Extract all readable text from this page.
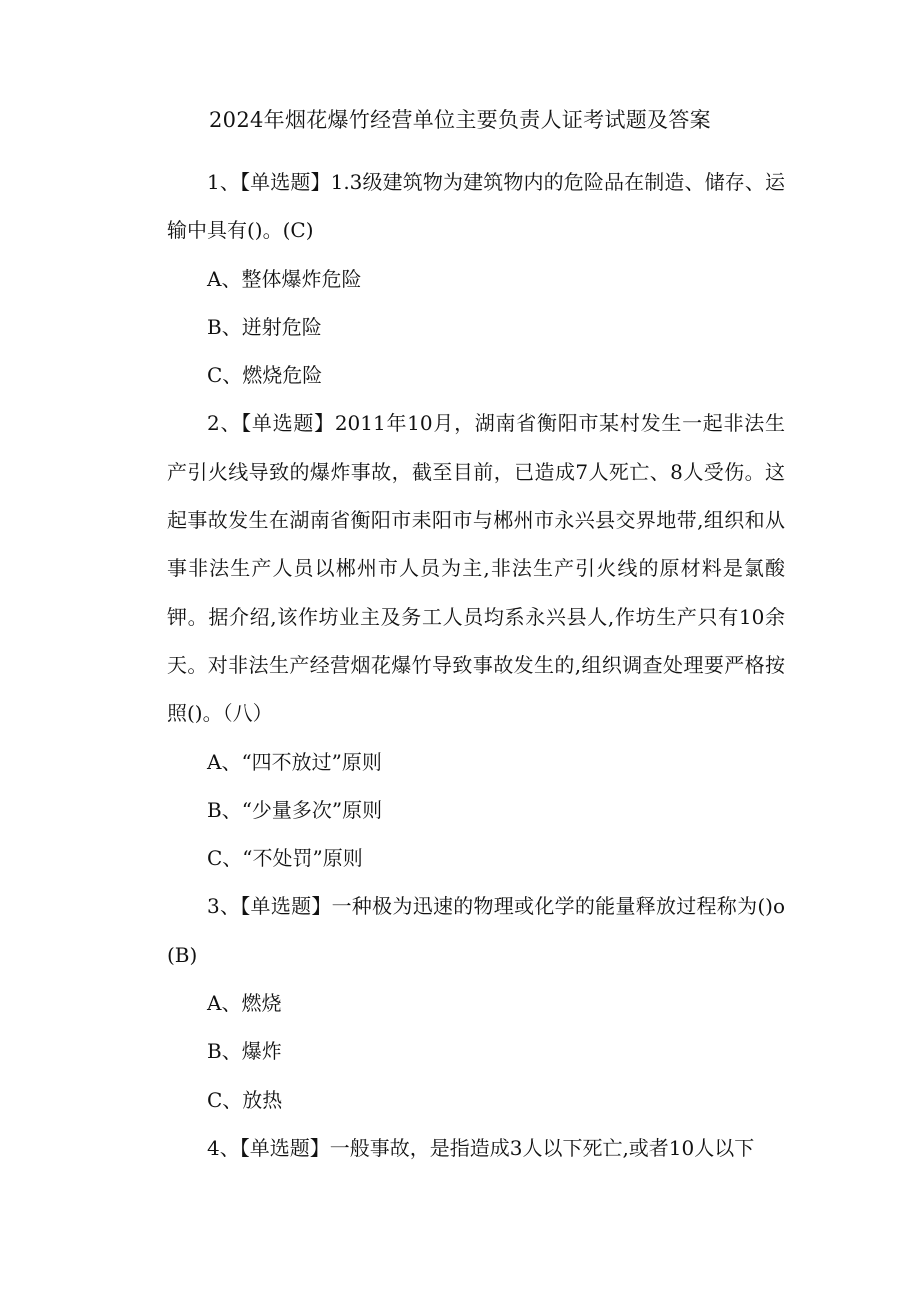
2024年烟花爆竹经营单位主要负责人证考试题及答案

1、【单选题】1.3级建筑物为建筑物内的危险品在制造、储存、运输中具有()。(C)

A、整体爆炸危险

B、迸射危险

C、燃烧危险

2、【单选题】2011年10月，湖南省衡阳市某村发生一起非法生产引火线导致的爆炸事故，截至目前，已造成7人死亡、8人受伤。这起事故发生在湖南省衡阳市耒阳市与郴州市永兴县交界地带,组织和从事非法生产人员以郴州市人员为主,非法生产引火线的原材料是氯酸钾。据介绍,该作坊业主及务工人员均系永兴县人,作坊生产只有10余天。对非法生产经营烟花爆竹导致事故发生的,组织调查处理要严格按照()。（八）

A、“四不放过”原则

B、“少量多次”原则

C、“不处罚”原则

3、【单选题】一种极为迅速的物理或化学的能量释放过程称为()o(B)

A、燃烧

B、爆炸

C、放热

4、【单选题】一般事故，是指造成3人以下死亡,或者10人以下
